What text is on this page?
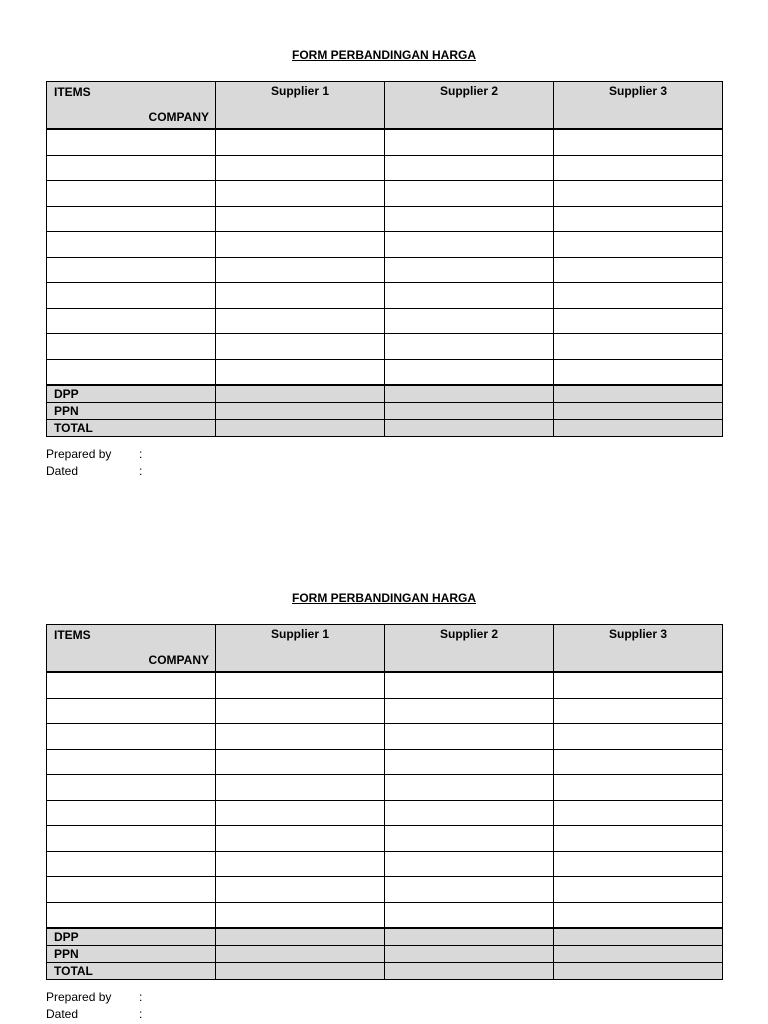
FORM PERBANDINGAN HARGA
ITEMS
COMPANY	Supplier 1	Supplier 2	Supplier 3

DPP			
PPN			
TOTAL			
Prepared by :
Dated	:
FORM PERBANDINGAN HARGA
ITEMS
COMPANY	Supplier 1	Supplier 2	Supplier 3

DPP			
PPN			
TOTAL			
Prepared by :
Dated	:
